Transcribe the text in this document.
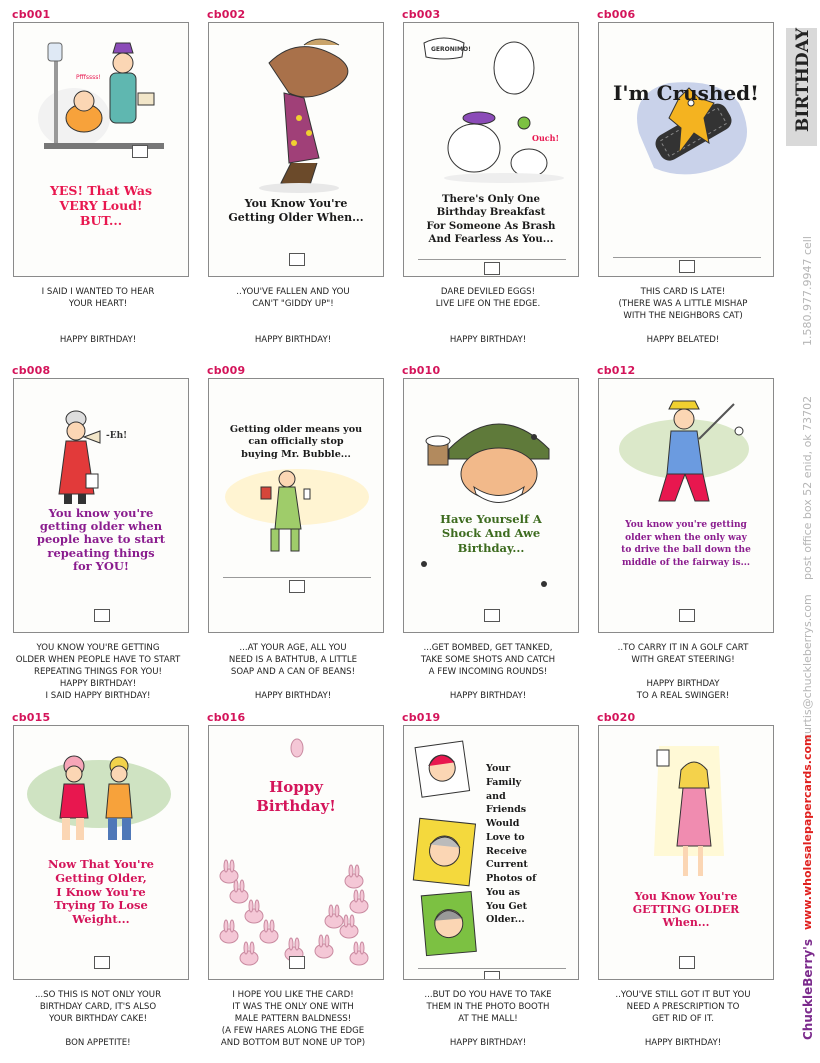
cb001
Pfffssss!
YES! That Was
VERY Loud!
BUT...
I SAID I WANTED TO HEAR
YOUR HEART!
HAPPY BIRTHDAY!
cb002
You Know You're
Getting Older When...
..YOU'VE FALLEN AND YOU
CAN'T "GIDDY UP"!
HAPPY BIRTHDAY!
cb003
There's Only One
Birthday Breakfast
For Someone As Brash
And Fearless As You...
GERONIMO!
Ouch!
DARE DEVILED EGGS!
LIVE LIFE ON THE EDGE.
HAPPY BIRTHDAY!
cb006
I'm Crushed!
THIS CARD IS LATE!
(THERE WAS A LITTLE MISHAP
WITH THE NEIGHBORS CAT)
HAPPY BELATED!
cb008
You know you're
getting older when
people have to start
repeating things
for YOU!
-Eh!
YOU KNOW YOU'RE GETTING
OLDER WHEN PEOPLE HAVE TO START
REPEATING THINGS FOR YOU!
HAPPY BIRTHDAY!
I SAID HAPPY BIRTHDAY!
cb009
Getting older means you
can officially stop
buying Mr. Bubble...
...AT YOUR AGE, ALL YOU
NEED IS A BATHTUB, A LITTLE
SOAP AND A CAN OF BEANS!
HAPPY BIRTHDAY!
cb010
Have Yourself A
Shock And Awe
Birthday...
...GET BOMBED, GET TANKED,
TAKE SOME SHOTS AND CATCH
A FEW INCOMING ROUNDS!
HAPPY BIRTHDAY!
cb012
You know you're getting
older when the only way
to drive the ball down the
middle of the fairway is...
..TO CARRY IT IN A GOLF CART
WITH GREAT STEERING!
HAPPY BIRTHDAY
TO A REAL SWINGER!
cb015
Now That You're
Getting Older,
I Know You're
Trying To Lose
Weight...
...SO THIS IS NOT ONLY YOUR
BIRTHDAY CARD, IT'S ALSO
YOUR BIRTHDAY CAKE!
BON APPETITE!
cb016
Hoppy
Birthday!
I HOPE YOU LIKE THE CARD!
IT WAS THE ONLY ONE WITH
MALE PATTERN BALDNESS!
(A FEW HARES ALONG THE EDGE
AND BOTTOM BUT NONE UP TOP)
cb019
Your
Family
and
Friends
Would
Love to
Receive
Current
Photos of
You as
You Get
Older...
...BUT DO YOU HAVE TO TAKE
THEM IN THE PHOTO BOOTH
AT THE MALL!
HAPPY BIRTHDAY!
cb020
You Know You're
GETTING OLDER
When...
..YOU'VE STILL GOT IT BUT YOU
NEED A PRESCRIPTION TO
GET RID OF IT.
HAPPY BIRTHDAY!
BIRTHDAY
1.580.977.9947 cell
post office box 52 enid, ok 73702
curtis@chuckleberrys.com
www.wholesalepapercards.com
ChuckleBerry's
